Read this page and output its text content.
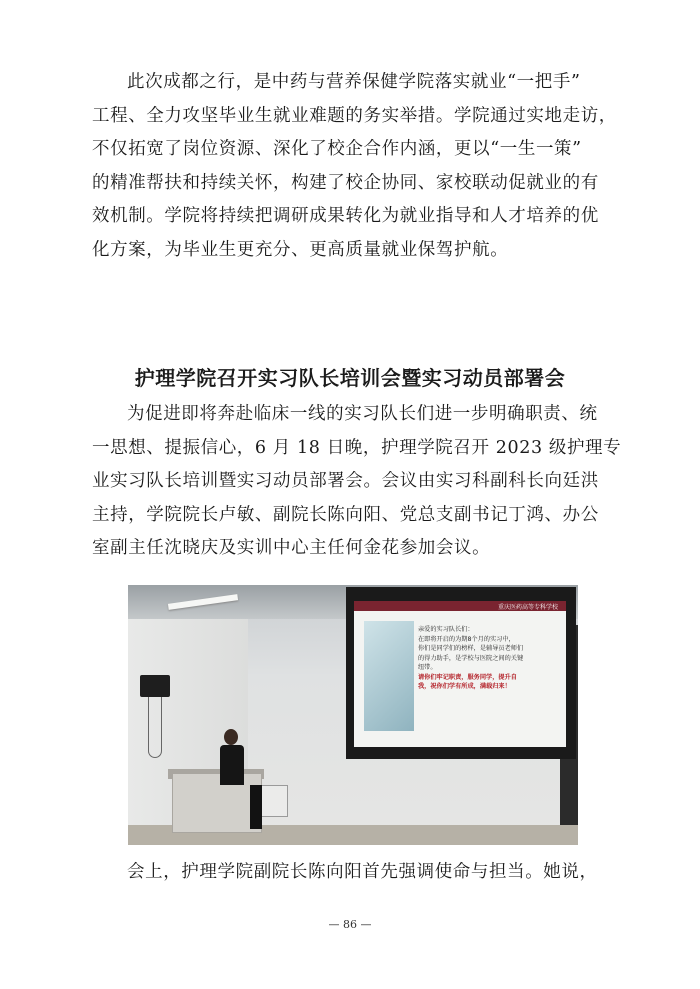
此次成都之行，是中药与营养保健学院落实就业“一把手”
工程、全力攻坚毕业生就业难题的务实举措。学院通过实地走访，
不仅拓宽了岗位资源、深化了校企合作内涵，更以“一生一策”
的精准帮扶和持续关怀，构建了校企协同、家校联动促就业的有
效机制。学院将持续把调研成果转化为就业指导和人才培养的优
化方案，为毕业生更充分、更高质量就业保驾护航。

护理学院召开实习队长培训会暨实习动员部署会

为促进即将奔赴临床一线的实习队长们进一步明确职责、统
一思想、提振信心，6 月 18 日晚，护理学院召开 2023 级护理专
业实习队长培训暨实习动员部署会。会议由实习科副科长向廷洪
主持，学院院长卢敏、副院长陈向阳、党总支副书记丁鸿、办公
室副主任沈晓庆及实训中心主任何金花参加会议。

重庆医药高等专科学校
亲爱的实习队长们：
在即将开启的为期8个月的实习中，
你们是同学们的榜样，是辅导员老师们
的得力助手，是学校与医院之间的关键
纽带。
请你们牢记职责，服务同学，提升自
我，祝你们学有所成，满载归来！

会上，护理学院副院长陈向阳首先强调使命与担当。她说，

— 86 —
